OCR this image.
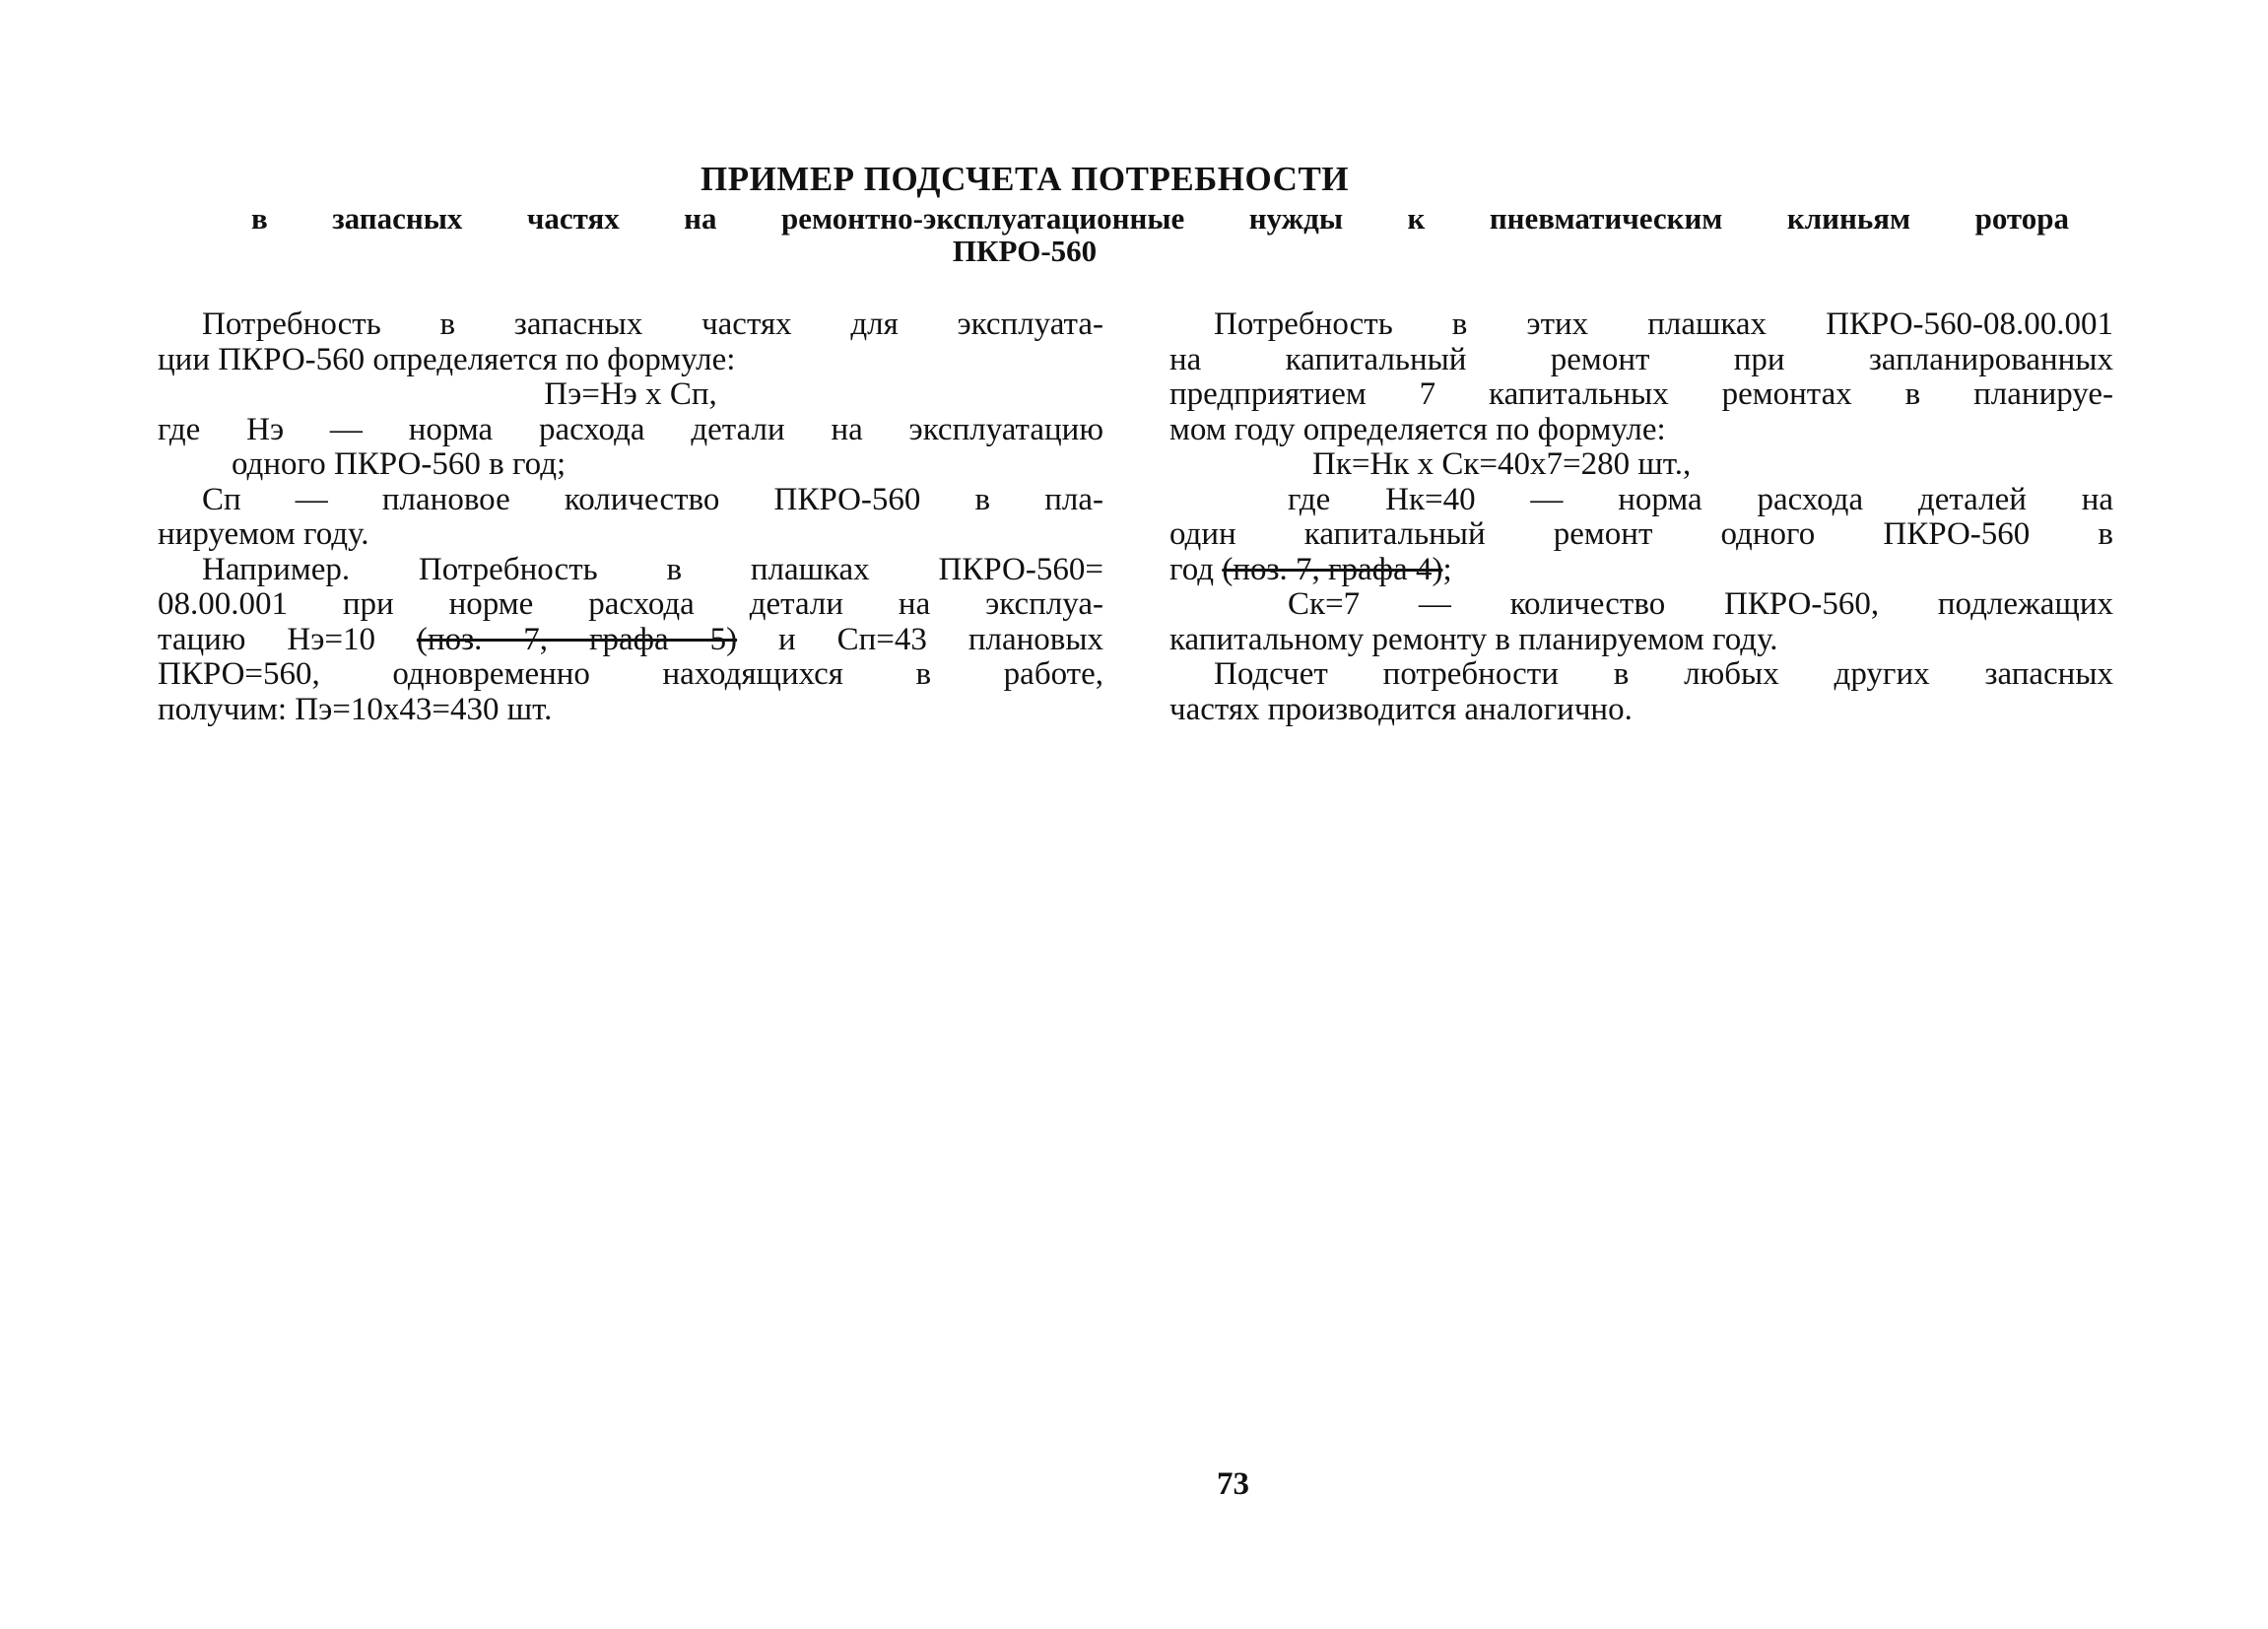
ПРИМЕР ПОДСЧЕТА ПОТРЕБНОСТИ
в запасных частях на ремонтно-эксплуатационные нужды к пневматическим клиньям ротора
ПКРО-560
Потребность в запасных частях для эксплуата-
ции ПКРО-560 определяется по формуле:
Пэ=Нэ х Сп,
где Нэ — норма расхода детали на эксплуатацию
одного ПКРО-560 в год;
Сп — плановое количество ПКРО-560 в пла-
нируемом году.
Например. Потребность в плашках ПКРО-560=
08.00.001 при норме расхода детали на эксплуа-
тацию Нэ=10 (поз. 7, графа 5) и Сп=43 плановых
ПКРО=560, одновременно находящихся в работе,
получим: Пэ=10х43=430 шт.
Потребность в этих плашках ПКРО-560-08.00.001
на капитальный ремонт при запланированных
предприятием 7 капитальных ремонтах в планируе-
мом году определяется по формуле:
Пк=Нк х Ск=40х7=280 шт.,
где Нк=40 — норма расхода деталей на
один капитальный ремонт одного ПКРО-560 в
год (поз. 7, графа 4);
Ск=7 — количество ПКРО-560, подлежащих
капитальному ремонту в планируемом году.
Подсчет потребности в любых других запасных
частях производится аналогично.
73
